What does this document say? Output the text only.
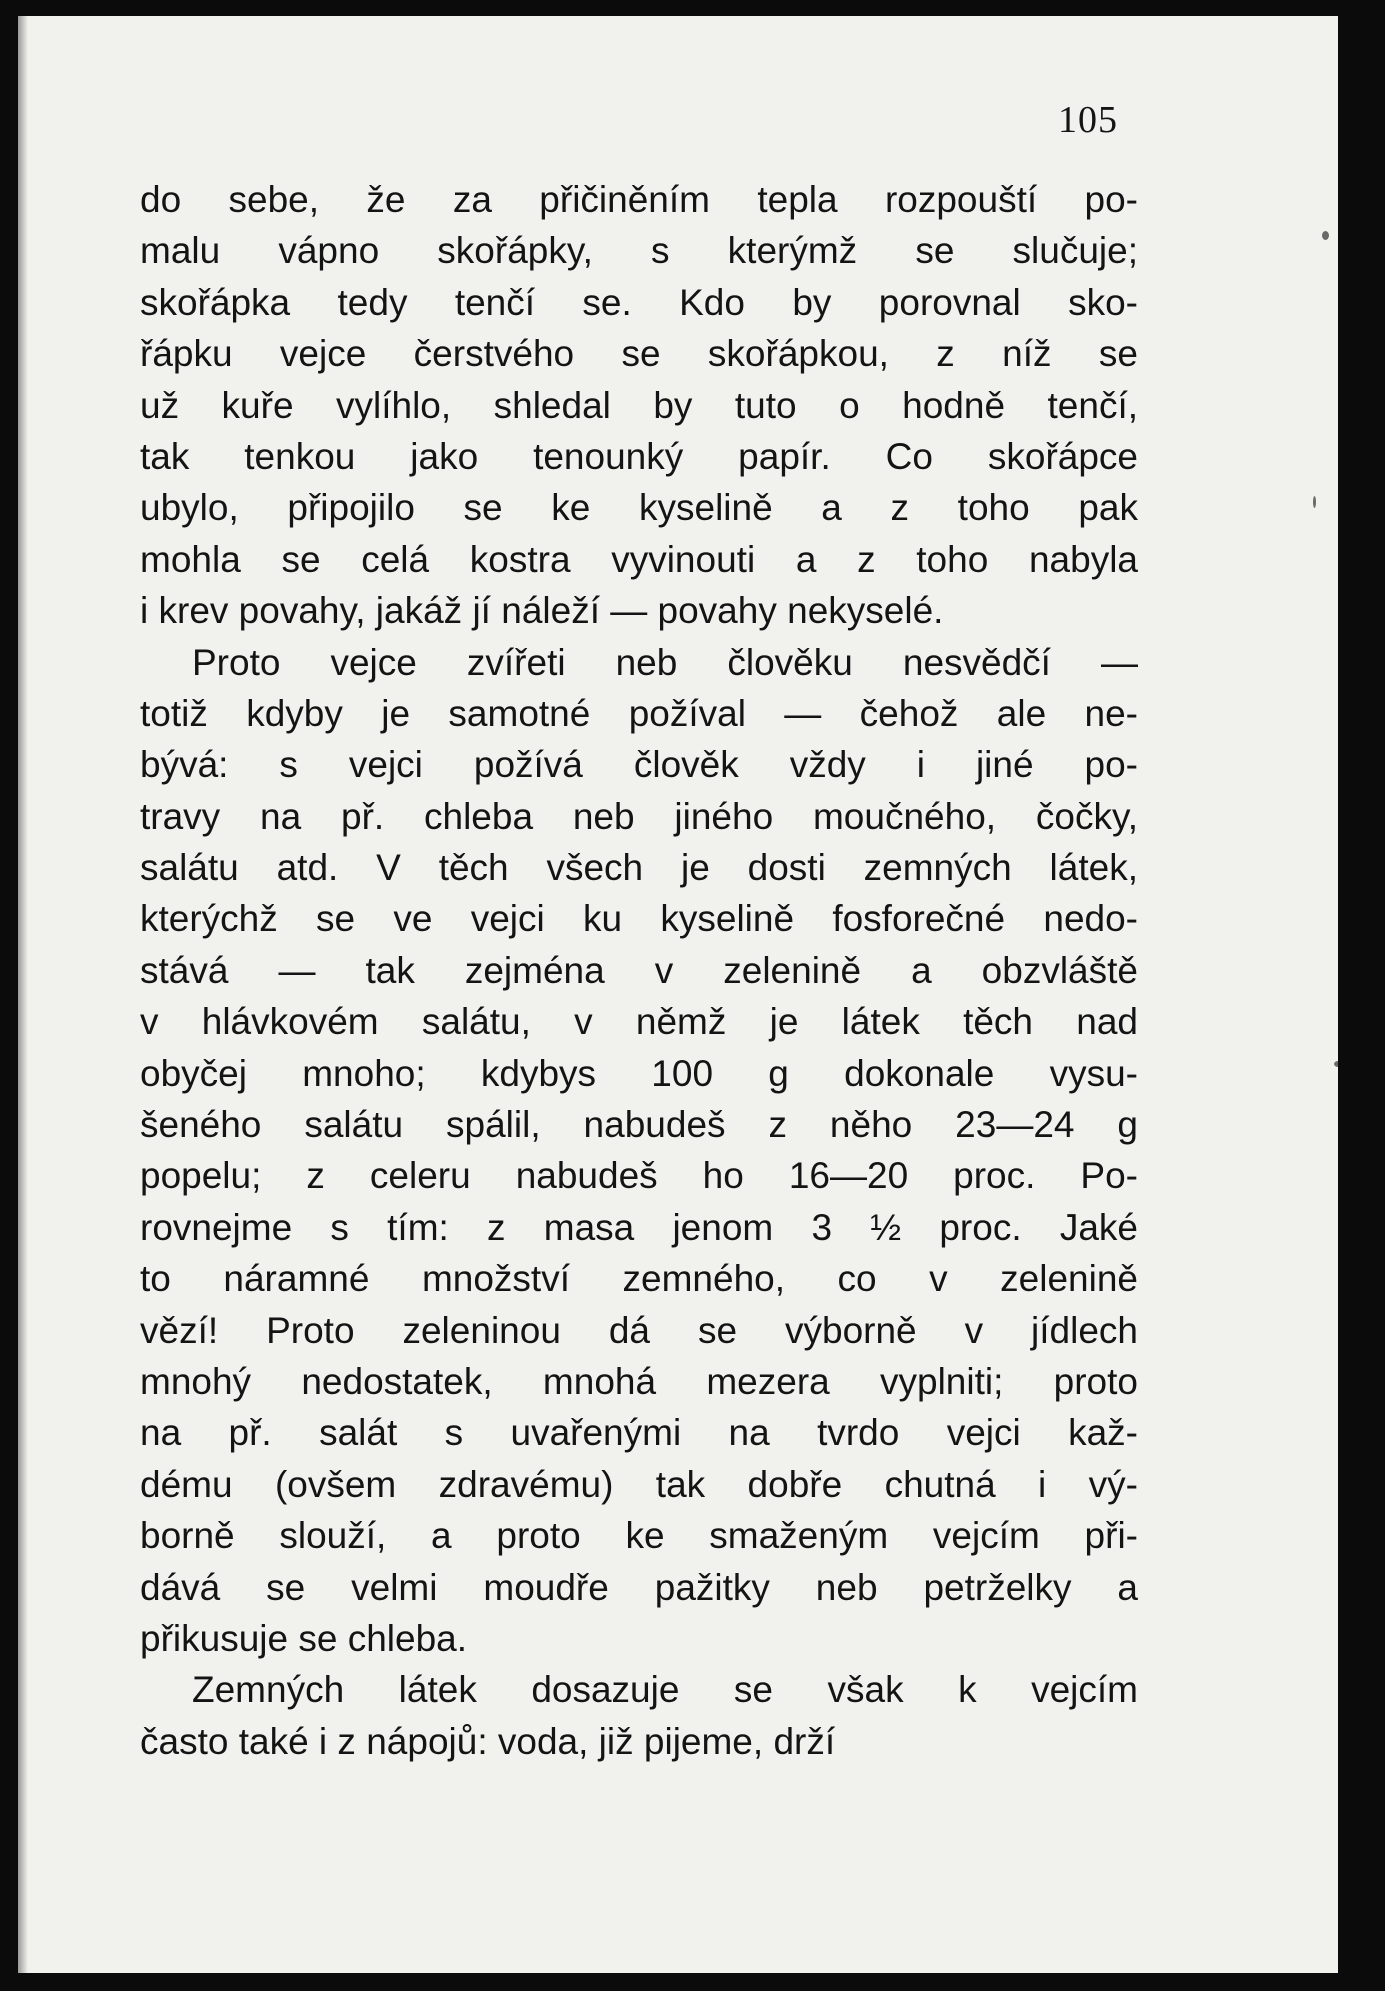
105
do sebe, že za přičiněním tepla rozpouští po-
malu vápno skořápky, s kterýmž se slučuje;
skořápka tedy tenčí se. Kdo by porovnal sko-
řápku vejce čerstvého se skořápkou, z níž se
už kuře vylíhlo, shledal by tuto o hodně tenčí,
tak tenkou jako tenounký papír. Co skořápce
ubylo, připojilo se ke kyselině a z toho pak
mohla se celá kostra vyvinouti a z toho nabyla
i krev povahy, jakáž jí náleží — povahy nekyselé.
Proto vejce zvířeti neb člověku nesvědčí —
totiž kdyby je samotné požíval — čehož ale ne-
bývá: s vejci požívá člověk vždy i jiné po-
travy na př. chleba neb jiného moučného, čočky,
salátu atd. V těch všech je dosti zemných látek,
kterýchž se ve vejci ku kyselině fosforečné nedo-
stává — tak zejména v zelenině a obzvláště
v hlávkovém salátu, v němž je látek těch nad
obyčej mnoho; kdybys 100 g dokonale vysu-
šeného salátu spálil, nabudeš z něho 23—24 g
popelu; z celeru nabudeš ho 16—20 proc. Po-
rovnejme s tím: z masa jenom 3 ½ proc. Jaké
to náramné množství zemného, co v zelenině
vězí! Proto zeleninou dá se výborně v jídlech
mnohý nedostatek, mnohá mezera vyplniti; proto
na př. salát s uvařenými na tvrdo vejci kaž-
dému (ovšem zdravému) tak dobře chutná i vý-
borně slouží, a proto ke smaženým vejcím při-
dává se velmi moudře pažitky neb petrželky a
přikusuje se chleba.
Zemných látek dosazuje se však k vejcím
často také i z nápojů: voda, již pijeme, drží
